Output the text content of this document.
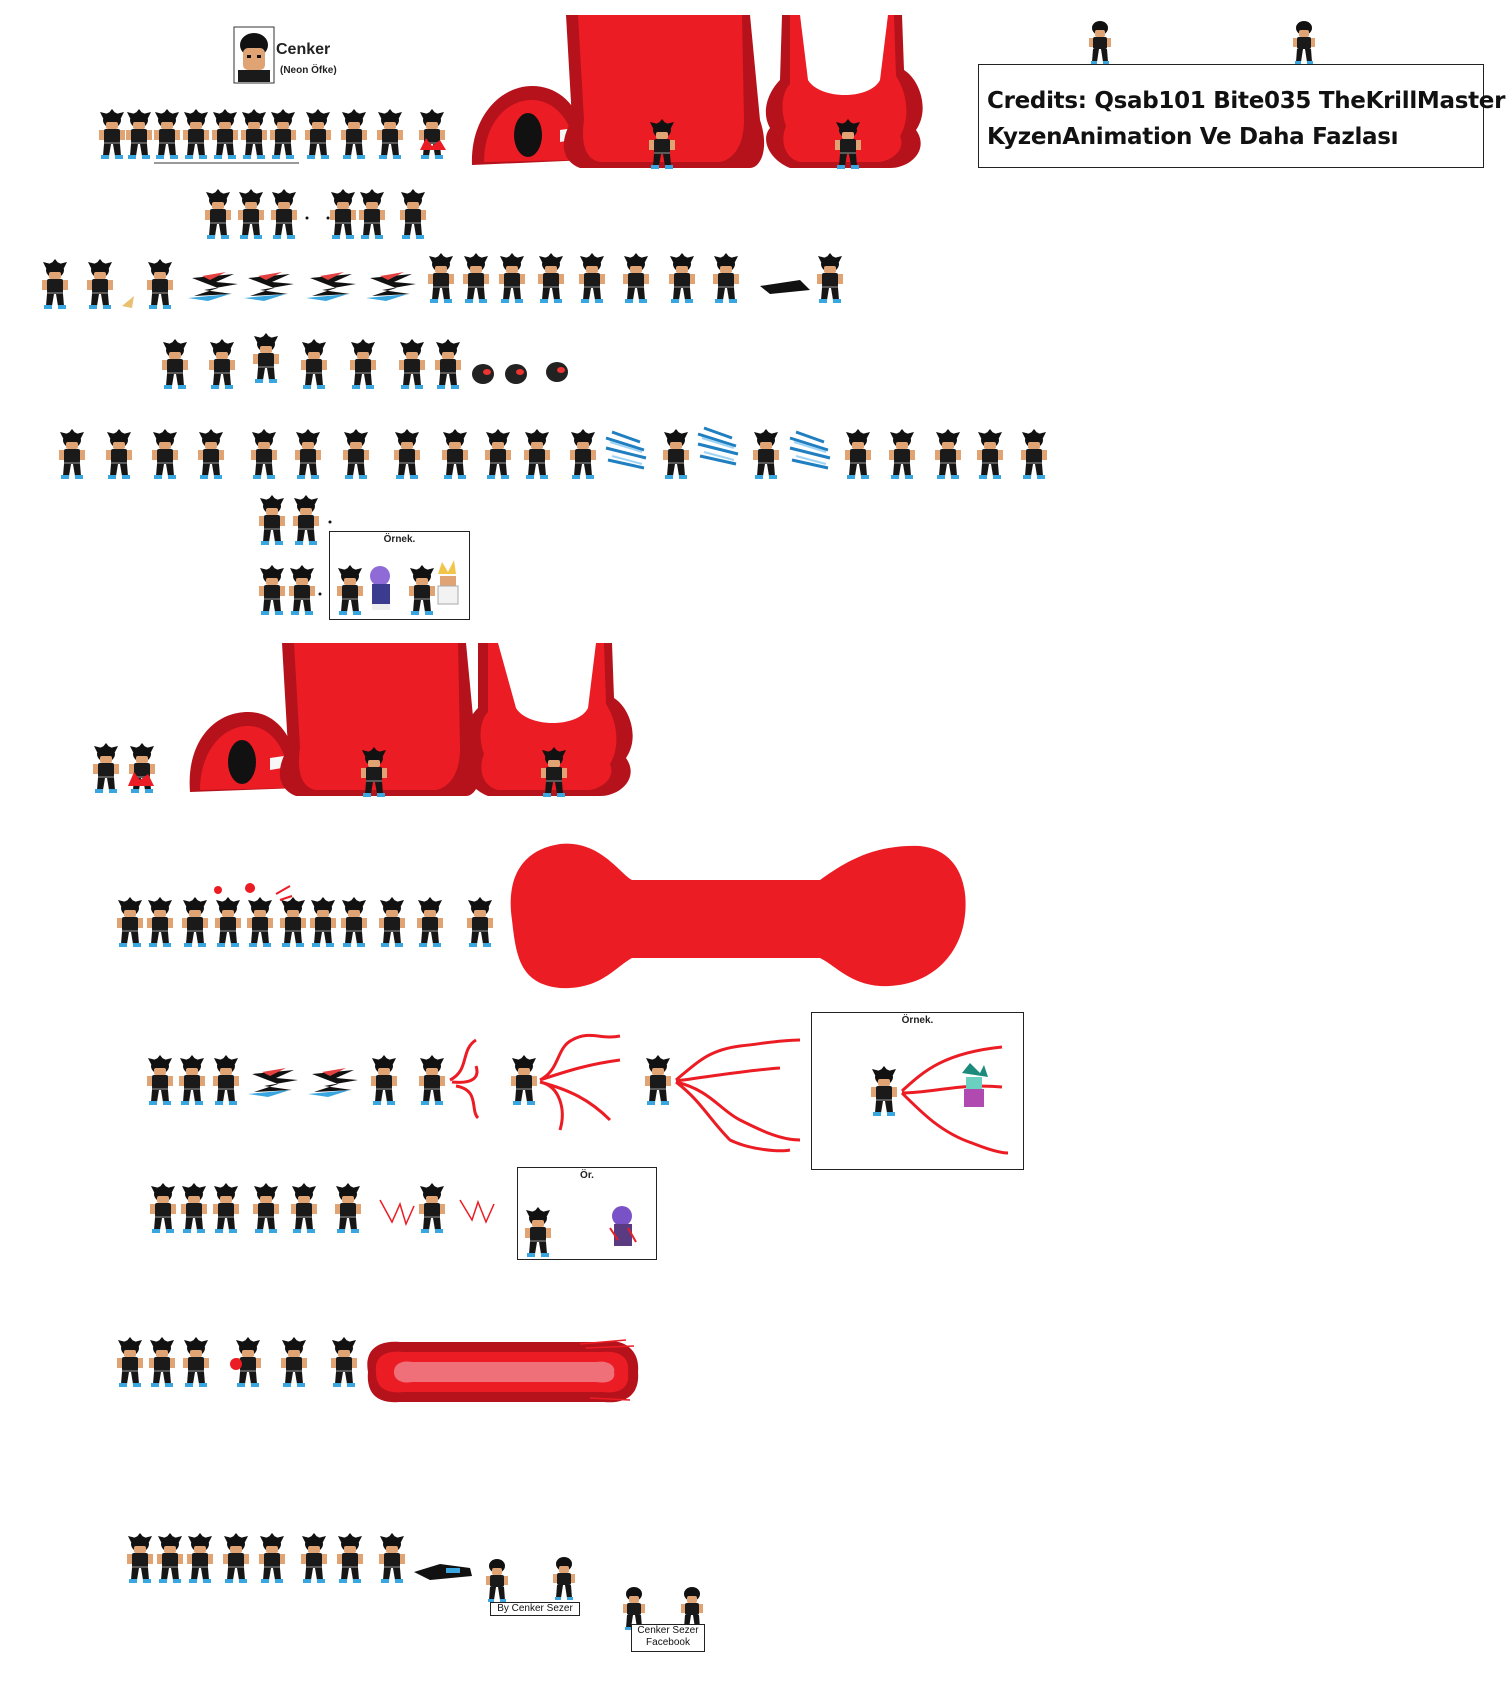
Cenker
(Neon Öfke)
Credits: Qsab101 Bite035 TheKrillMaster
KyzenAnimation Ve Daha Fazlası
Örnek.
Örnek.
Ör.
By Cenker Sezer
Cenker Sezer
Facebook
